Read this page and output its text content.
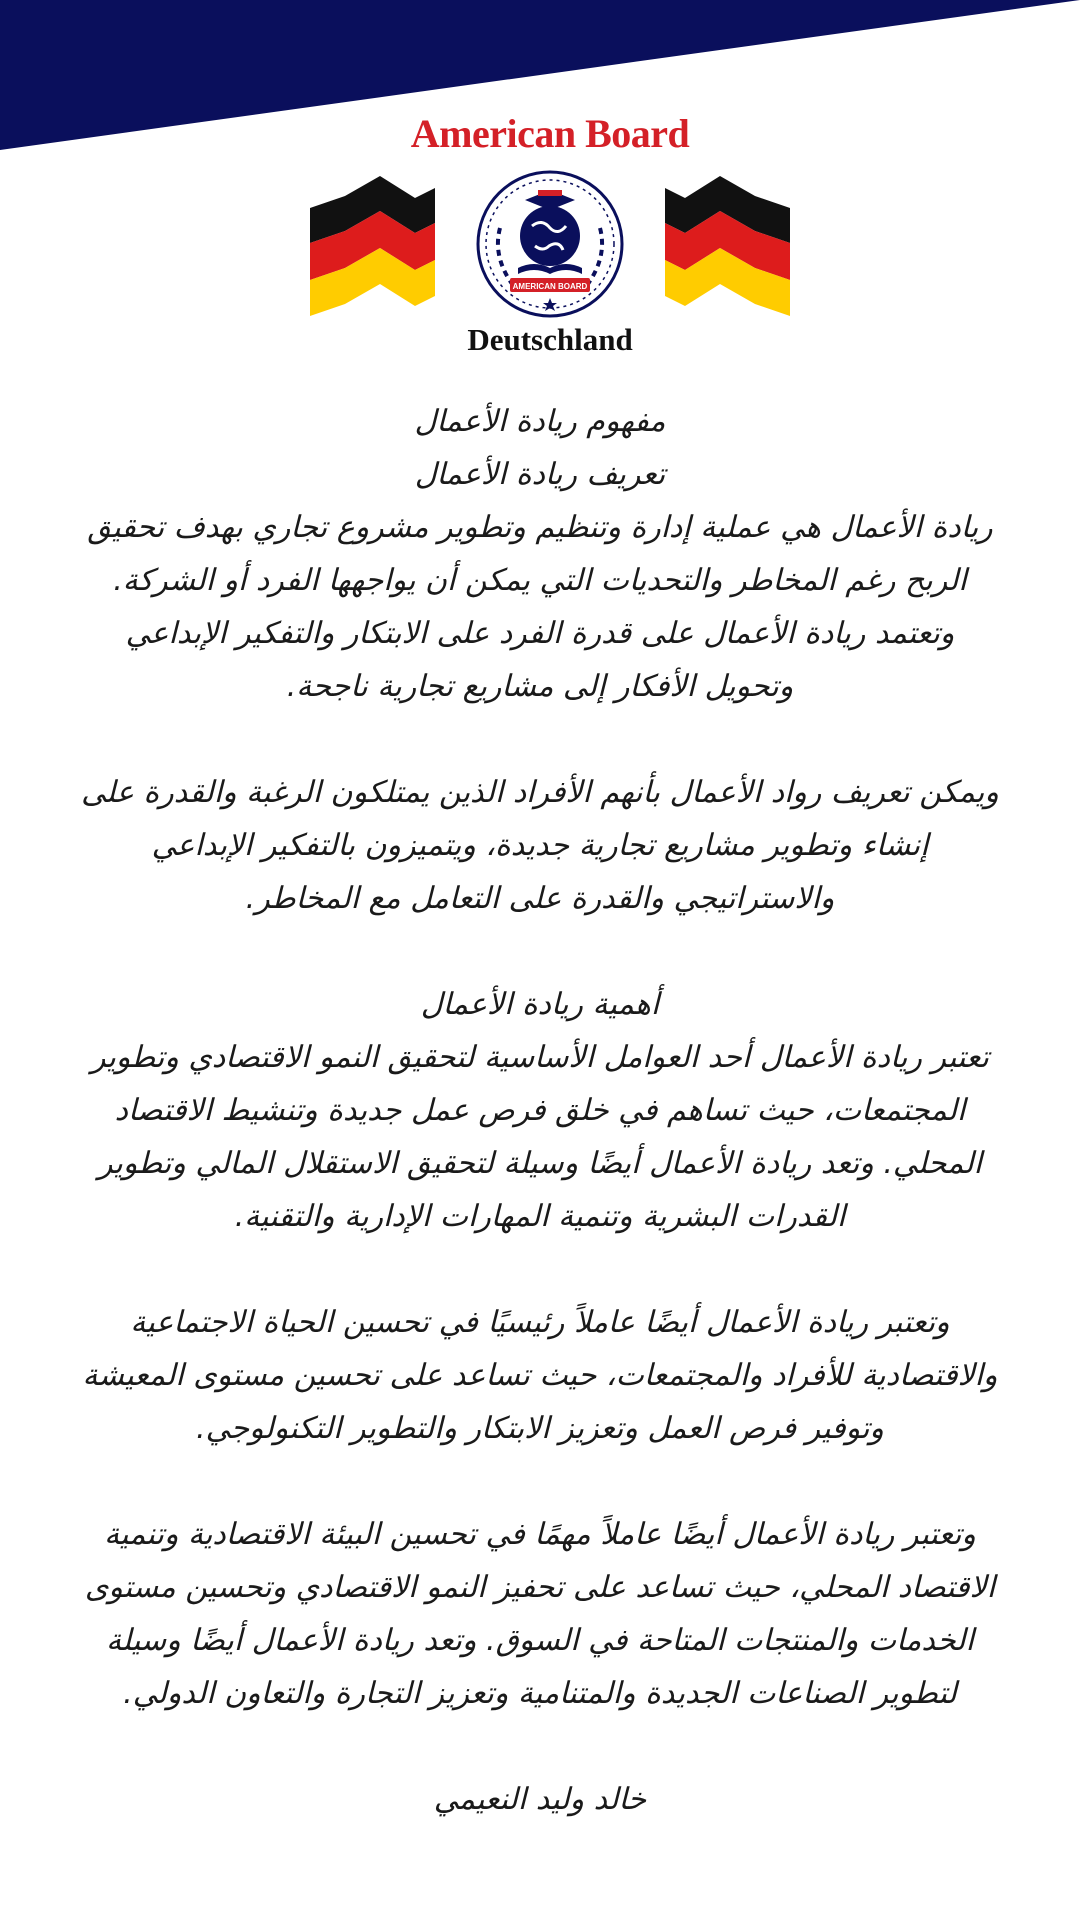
American Board
AMERICAN BOARD
Deutschland

مفهوم ريادة الأعمال

تعريف ريادة الأعمال

ريادة الأعمال هي عملية إدارة وتنظيم وتطوير مشروع تجاري بهدف تحقيق الربح رغم المخاطر والتحديات التي يمكن أن يواجهها الفرد أو الشركة. وتعتمد ريادة الأعمال على قدرة الفرد على الابتكار والتفكير الإبداعي وتحويل الأفكار إلى مشاريع تجارية ناجحة.

ويمكن تعريف رواد الأعمال بأنهم الأفراد الذين يمتلكون الرغبة والقدرة على إنشاء وتطوير مشاريع تجارية جديدة، ويتميزون بالتفكير الإبداعي والاستراتيجي والقدرة على التعامل مع المخاطر.

أهمية ريادة الأعمال

تعتبر ريادة الأعمال أحد العوامل الأساسية لتحقيق النمو الاقتصادي وتطوير المجتمعات، حيث تساهم في خلق فرص عمل جديدة وتنشيط الاقتصاد المحلي. وتعد ريادة الأعمال أيضًا وسيلة لتحقيق الاستقلال المالي وتطوير القدرات البشرية وتنمية المهارات الإدارية والتقنية.

وتعتبر ريادة الأعمال أيضًا عاملاً رئيسيًا في تحسين الحياة الاجتماعية والاقتصادية للأفراد والمجتمعات، حيث تساعد على تحسين مستوى المعيشة وتوفير فرص العمل وتعزيز الابتكار والتطوير التكنولوجي.

وتعتبر ريادة الأعمال أيضًا عاملاً مهمًا في تحسين البيئة الاقتصادية وتنمية الاقتصاد المحلي، حيث تساعد على تحفيز النمو الاقتصادي وتحسين مستوى الخدمات والمنتجات المتاحة في السوق. وتعد ريادة الأعمال أيضًا وسيلة لتطوير الصناعات الجديدة والمتنامية وتعزيز التجارة والتعاون الدولي.

خالد وليد النعيمي
